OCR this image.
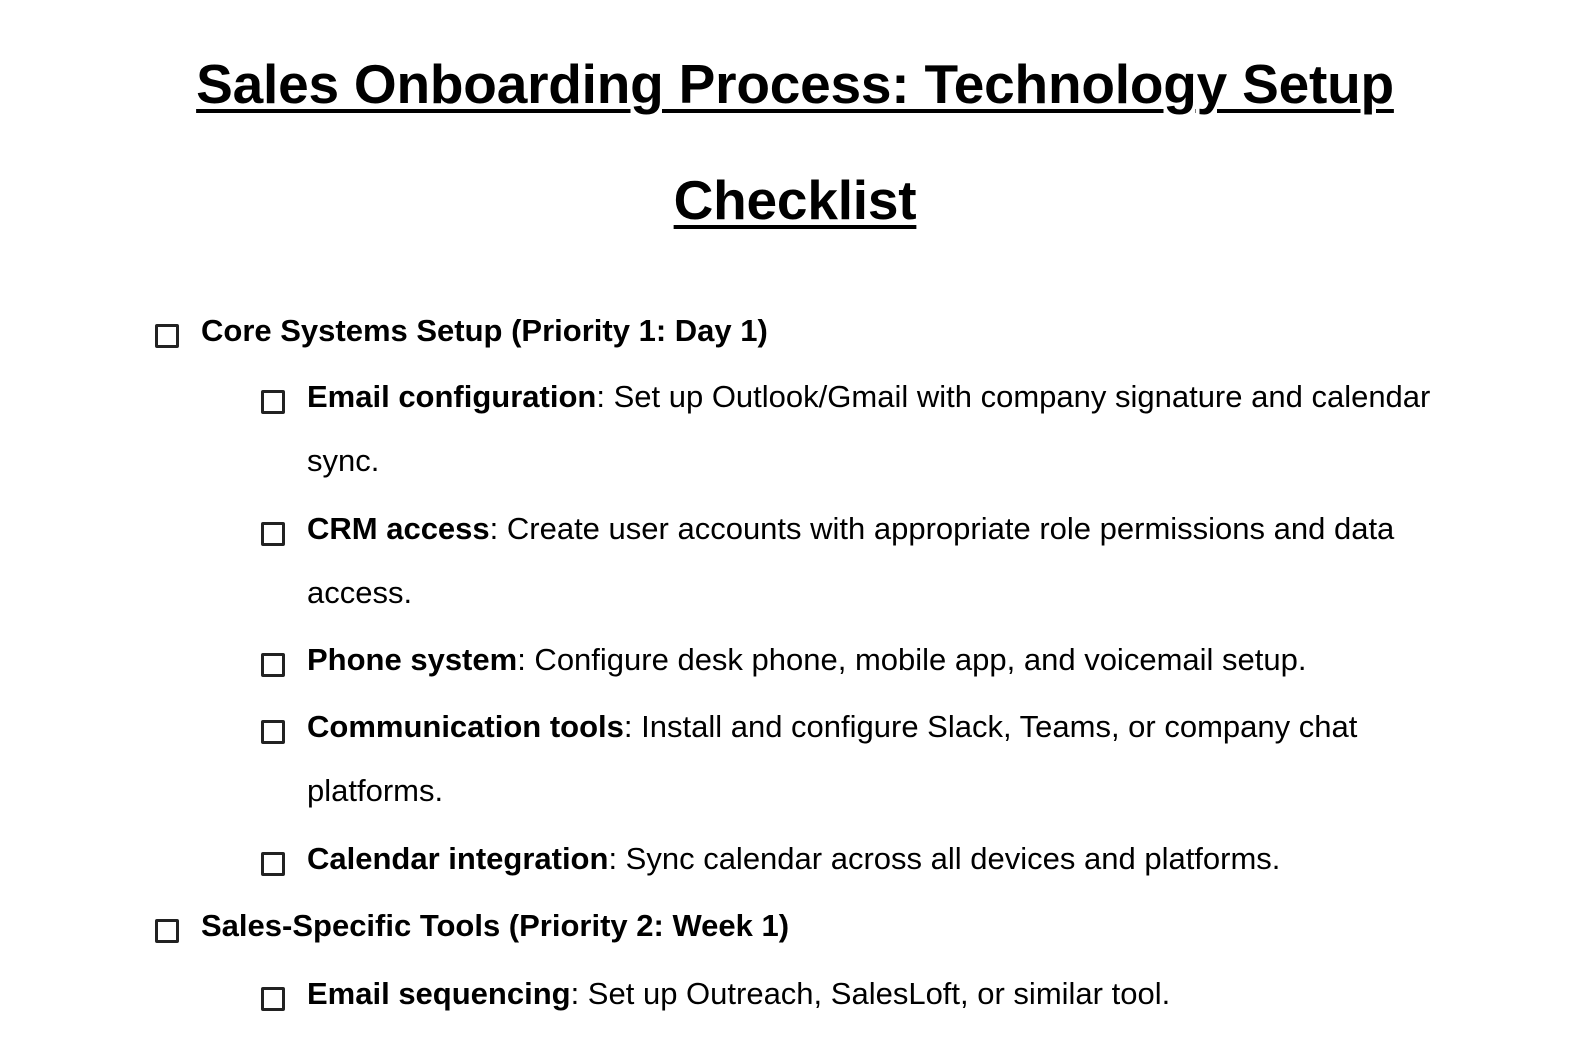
Sales Onboarding Process: Technology Setup Checklist
Core Systems Setup (Priority 1: Day 1)
Email configuration: Set up Outlook/Gmail with company signature and calendar sync.
CRM access: Create user accounts with appropriate role permissions and data access.
Phone system: Configure desk phone, mobile app, and voicemail setup.
Communication tools: Install and configure Slack, Teams, or company chat platforms.
Calendar integration: Sync calendar across all devices and platforms.
Sales-Specific Tools (Priority 2: Week 1)
Email sequencing: Set up Outreach, SalesLoft, or similar tool.
